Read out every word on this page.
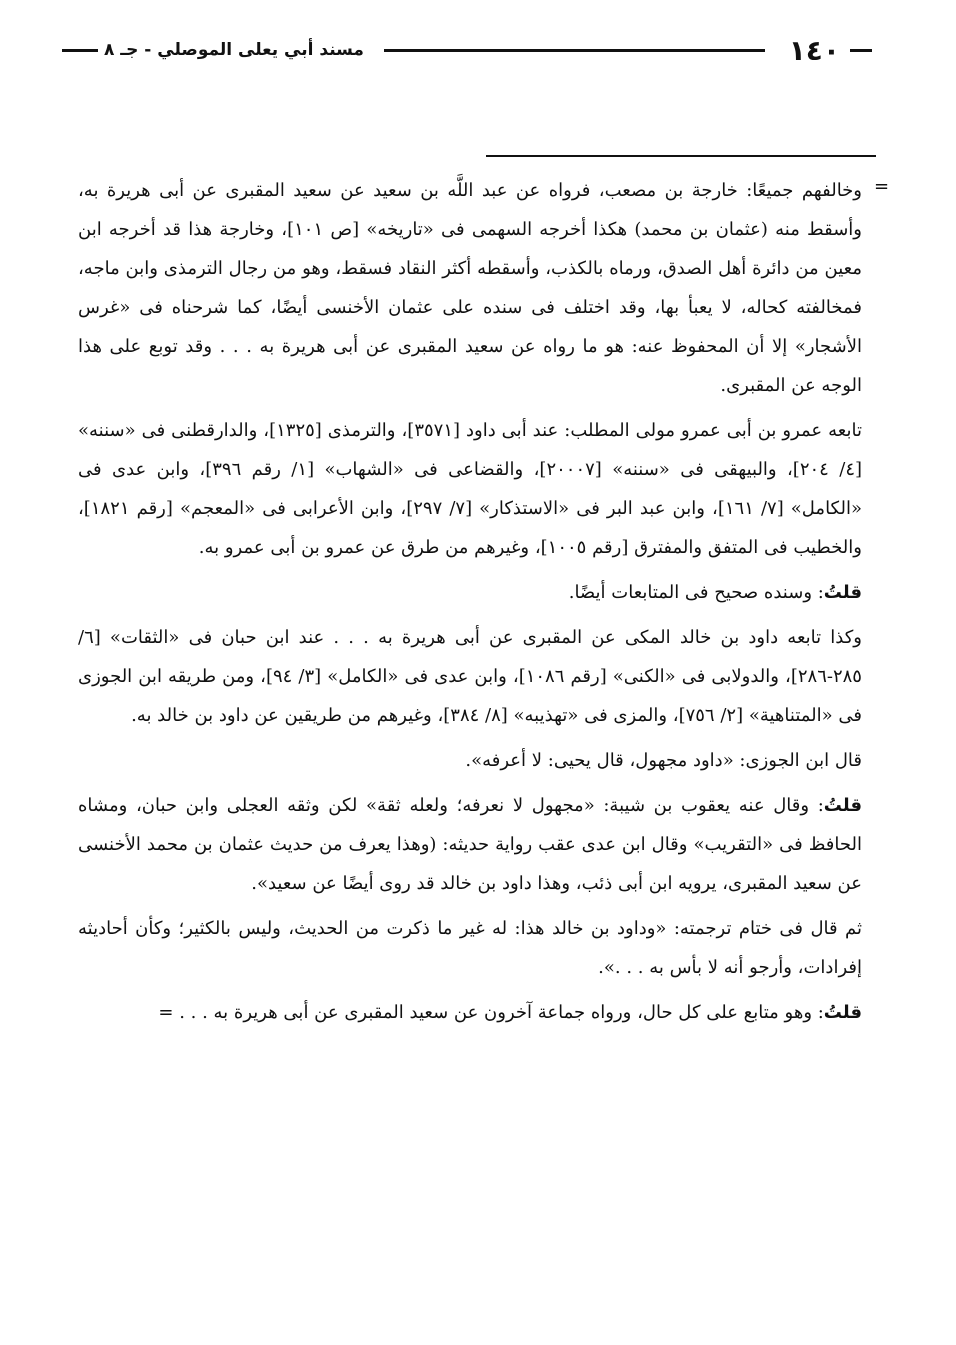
١٤٠
مسند أبي يعلى الموصلي - جـ ٨
=

وخالفهم جميعًا: خارجة بن مصعب، فرواه عن عبد اللَّه بن سعيد عن سعيد المقبرى عن أبى هريرة به، وأسقط منه (عثمان بن محمد) هكذا أخرجه السهمى فى «تاريخه» [ص ١٠١]، وخارجة هذا قد أخرجه ابن معين من دائرة أهل الصدق، ورماه بالكذب، وأسقطه أكثر النقاد فسقط، وهو من رجال الترمذى وابن ماجه، فمخالفته كحاله، لا يعبأ بها، وقد اختلف فى سنده على عثمان الأخنسى أيضًا، كما شرحناه فى «غرس الأشجار» إلا أن المحفوظ عنه: هو ما رواه عن سعيد المقبرى عن أبى هريرة به . . . وقد توبع على هذا الوجه عن المقبرى.

تابعه عمرو بن أبى عمرو مولى المطلب: عند أبى داود [٣٥٧١]، والترمذى [١٣٢٥]، والدارقطنى فى «سننه» [٤/ ٢٠٤]، والبيهقى فى «سننه» [٢٠٠٠٧]، والقضاعى فى «الشهاب» [١/ رقم ٣٩٦]، وابن عدى فى «الكامل» [٧/ ١٦١]، وابن عبد البر فى «الاستذكار» [٧/ ٢٩٧]، وابن الأعرابى فى «المعجم» [رقم ١٨٢١]، والخطيب فى المتفق والمفترق [رقم ١٠٠٥]، وغيرهم من طرق عن عمرو بن أبى عمرو به.

قلتُ: وسنده صحيح فى المتابعات أيضًا.

وكذا تابعه داود بن خالد المكى عن المقبرى عن أبى هريرة به . . . عند ابن حبان فى «الثقات» [٦/ ٢٨٥-٢٨٦]، والدولابى فى «الكنى» [رقم ١٠٨٦]، وابن عدى فى «الكامل» [٣/ ٩٤]، ومن طريقه ابن الجوزى فى «المتناهية» [٢/ ٧٥٦]، والمزى فى «تهذيبه» [٨/ ٣٨٤]، وغيرهم من طريقين عن داود بن خالد به.

قال ابن الجوزى: «داود مجهول، قال يحيى: لا أعرفه».

قلتُ: وقال عنه يعقوب بن شيبة: «مجهول لا نعرفه؛ ولعله ثقة» لكن وثقه العجلى وابن حبان، ومشاه الحافظ فى «التقريب» وقال ابن عدى عقب رواية حديثه: (وهذا يعرف من حديث عثمان بن محمد الأخنسى عن سعيد المقبرى، يرويه ابن أبى ذئب، وهذا داود بن خالد قد روى أيضًا عن سعيد».

ثم قال فى ختام ترجمته: «وداود بن خالد هذا: له غير ما ذكرت من الحديث، وليس بالكثير؛ وكأن أحاديثه إفرادات، وأرجو أنه لا بأس به . . .».

قلتُ: وهو متابع على كل حال، ورواه جماعة آخرون عن سعيد المقبرى عن أبى هريرة به . . . =
